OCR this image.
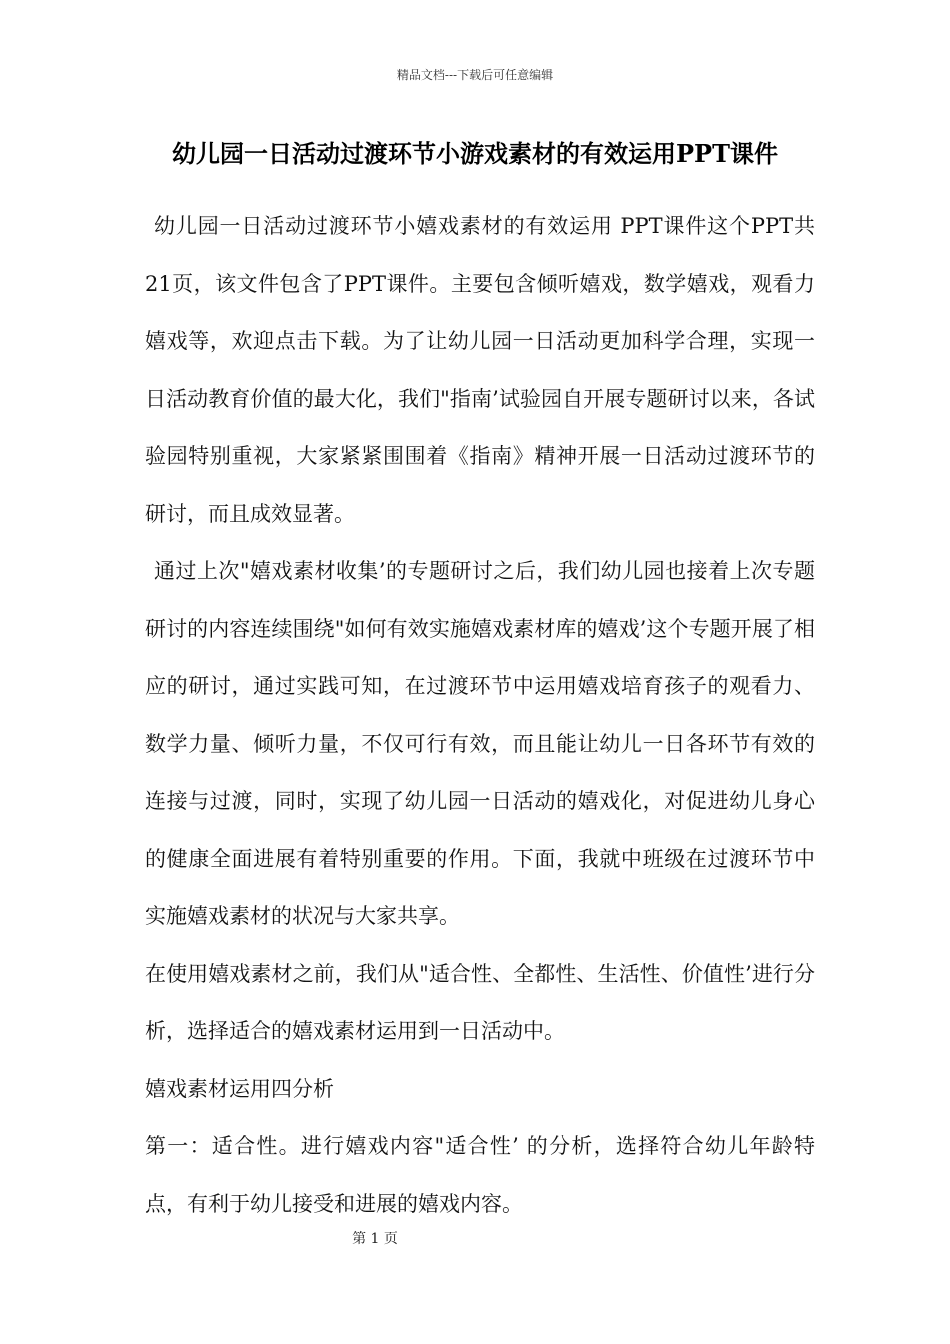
精品文档---下载后可任意编辑
幼儿园一日活动过渡环节小游戏素材的有效运用PPT课件

幼儿园一日活动过渡环节小嬉戏素材的有效运用 PPT课件这个PPT共21页，该文件包含了PPT课件。主要包含倾听嬉戏，数学嬉戏，观看力嬉戏等，欢迎点击下载。为了让幼儿园一日活动更加科学合理，实现一日活动教育价值的最大化，我们"指南’试验园自开展专题研讨以来，各试验园特别重视，大家紧紧围围着《指南》精神开展一日活动过渡环节的研讨，而且成效显著。

通过上次"嬉戏素材收集’的专题研讨之后，我们幼儿园也接着上次专题研讨的内容连续围绕"如何有效实施嬉戏素材库的嬉戏’这个专题开展了相应的研讨，通过实践可知，在过渡环节中运用嬉戏培育孩子的观看力、数学力量、倾听力量，不仅可行有效，而且能让幼儿一日各环节有效的连接与过渡，同时，实现了幼儿园一日活动的嬉戏化，对促进幼儿身心的健康全面进展有着特别重要的作用。下面，我就中班级在过渡环节中实施嬉戏素材的状况与大家共享。

在使用嬉戏素材之前，我们从"适合性、全都性、生活性、价值性’进行分析，选择适合的嬉戏素材运用到一日活动中。

嬉戏素材运用四分析

第一：适合性。进行嬉戏内容"适合性’ 的分析，选择符合幼儿年龄特点，有利于幼儿接受和进展的嬉戏内容。

第 1 页
